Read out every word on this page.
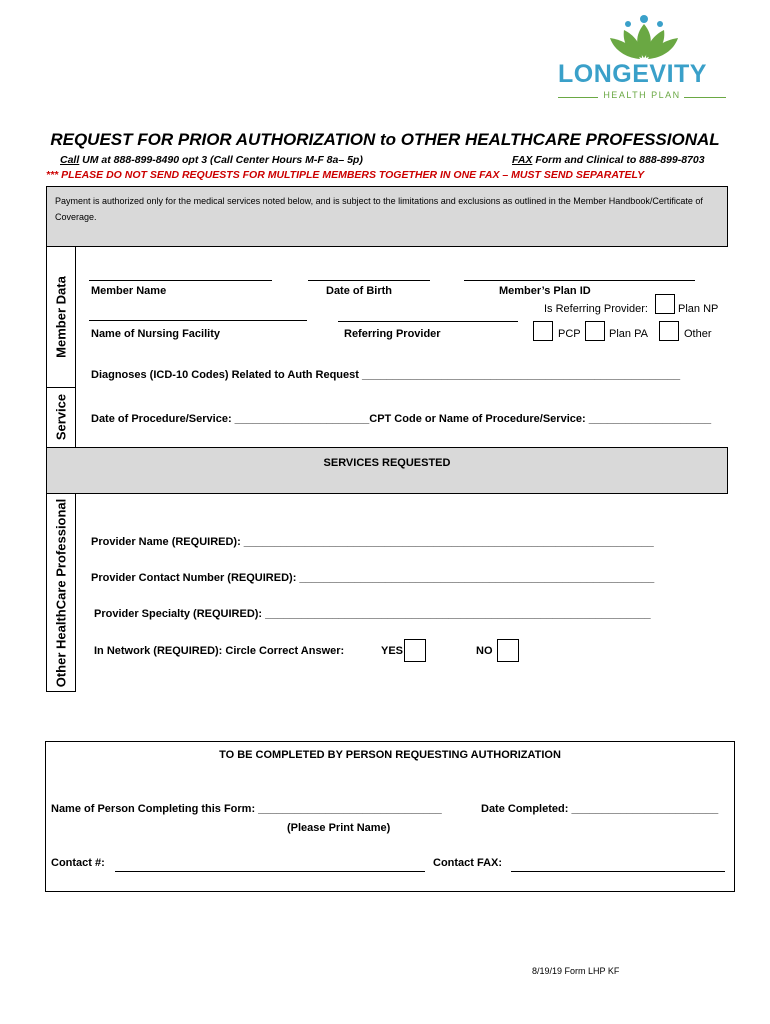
LONGEVITY
HEALTH PLAN
REQUEST FOR PRIOR AUTHORIZATION to OTHER HEALTHCARE PROFESSIONAL
Call UM at 888-899-8490 opt 3 (Call Center Hours M-F 8a– 5p)	FAX Form and Clinical to 888-899-8703
*** PLEASE DO NOT SEND REQUESTS FOR MULTIPLE MEMBERS TOGETHER IN ONE FAX – MUST SEND SEPARATELY
Payment is authorized only for the medical services noted below, and is subject to the limitations and exclusions as outlined in the Member Handbook/Certificate of Coverage.
Member Data
Service
Other HealthCare Professional
Member Name	Date of Birth	Member’s Plan ID
Is Referring Provider:	Plan NP
Name of Nursing Facility	Referring Provider	PCP	Plan PA	Other
Diagnoses (ICD-10 Codes) Related to Auth Request ____________________________________________________
Date of Procedure/Service: ______________________CPT Code or Name of Procedure/Service: ____________________
SERVICES REQUESTED
Provider Name (REQUIRED): ___________________________________________________________________
Provider Contact Number (REQUIRED): __________________________________________________________
Provider Specialty (REQUIRED): _______________________________________________________________
In Network (REQUIRED): Circle Correct Answer:	YES	NO
TO BE COMPLETED BY PERSON REQUESTING AUTHORIZATION
Name of Person Completing this Form: ______________________________	Date Completed: ________________________
(Please Print Name)
Contact #:	Contact FAX:
8/19/19 Form LHP KF
